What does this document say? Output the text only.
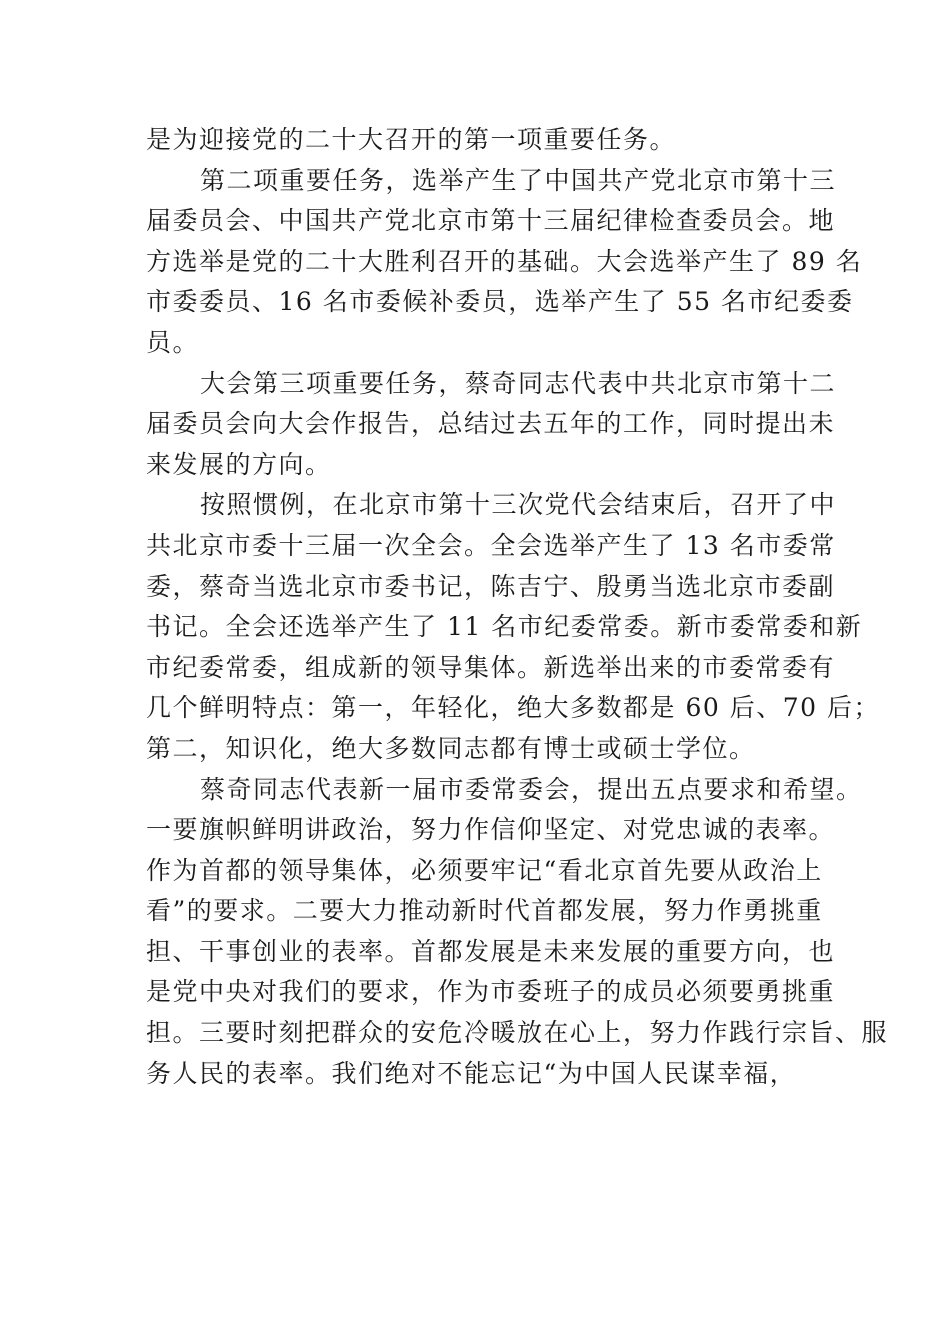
是为迎接党的二十大召开的第一项重要任务。
第二项重要任务，选举产生了中国共产党北京市第十三
届委员会、中国共产党北京市第十三届纪律检查委员会。地
方选举是党的二十大胜利召开的基础。大会选举产生了 89 名
市委委员、16 名市委候补委员，选举产生了 55 名市纪委委
员。
大会第三项重要任务，蔡奇同志代表中共北京市第十二
届委员会向大会作报告，总结过去五年的工作，同时提出未
来发展的方向。
按照惯例，在北京市第十三次党代会结束后，召开了中
共北京市委十三届一次全会。全会选举产生了 13 名市委常
委，蔡奇当选北京市委书记，陈吉宁、殷勇当选北京市委副
书记。全会还选举产生了 11 名市纪委常委。新市委常委和新
市纪委常委，组成新的领导集体。新选举出来的市委常委有
几个鲜明特点：第一，年轻化，绝大多数都是 60 后、70 后；
第二，知识化，绝大多数同志都有博士或硕士学位。
蔡奇同志代表新一届市委常委会，提出五点要求和希望。
一要旗帜鲜明讲政治，努力作信仰坚定、对党忠诚的表率。
作为首都的领导集体，必须要牢记“看北京首先要从政治上
看”的要求。二要大力推动新时代首都发展，努力作勇挑重
担、干事创业的表率。首都发展是未来发展的重要方向，也
是党中央对我们的要求，作为市委班子的成员必须要勇挑重
担。三要时刻把群众的安危冷暖放在心上，努力作践行宗旨、服
务人民的表率。我们绝对不能忘记“为中国人民谋幸福，
